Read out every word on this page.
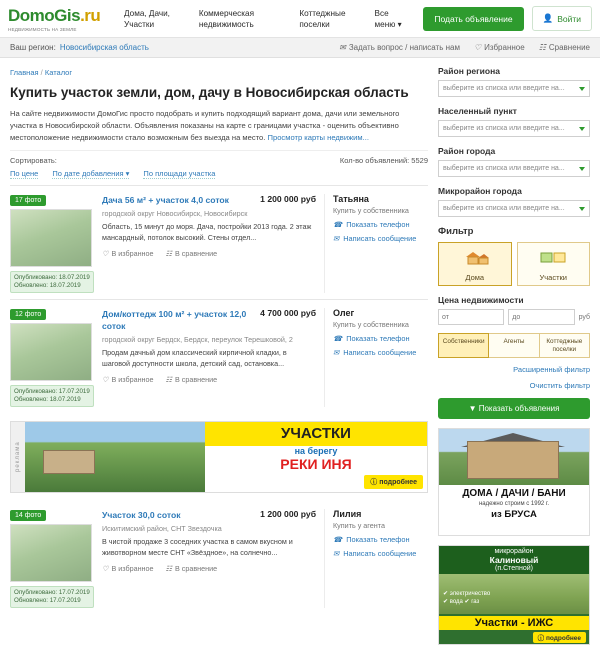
DomoGis.ru
НЕДВИЖИМОСТЬ НА ЗЕМЛЕ
Дома, Дачи, Участки
Коммерческая недвижимость
Коттеджные поселки
Все меню ▾
Подать объявление	👤 Войти
Ваш регион: Новосибирская область	✉ Задать вопрос / написать нам ♡ Избранное ☷ Сравнение
Главная / Каталог
Купить участок земли, дом, дачу в Новосибирская область
На сайте недвижимости ДомоГис просто подобрать и купить подходящий вариант дома, дачи или земельного участка в Новосибирской области. Объявления показаны на карте с границами участка - оценить объективно местоположение недвижимости стало возможным без выезда на место. Просмотр карты недвижим...
Сортировать:	Кол-во объявлений: 5529
По цене По дате добавления ▾ По площади участка
17 фото
Опубликовано: 18.07.2019
Обновлено: 18.07.2019
Дача 56 м² + участок 4,0 соток	1 200 000 руб
городской округ Новосибирск, Новосибирск
Область, 15 минут до моря. Дача, постройки 2013 года. 2 этаж мансардный, потолок высокий. Стены отдел...
♡ В избранное ☷ В сравнение
Татьяна
Купить у собственника
☎ Показать телефон
✉ Написать сообщение
12 фото
Опубликовано: 17.07.2019
Обновлено: 18.07.2019
Дом/коттедж 100 м² + участок 12,0 соток
4 700 000 руб
городской округ Бердск, Бердск, переулок Терешковой, 2
Продам дачный дом классический кирпичной кладки, в шаговой доступности школа, детский сад, остановка...
♡ В избранное ☷ В сравнение
Олег
Купить у собственника
☎ Показать телефон
✉ Написать сообщение
реклама
УЧАСТКИ
на берегу
РЕКИ ИНЯ
ⓘ подробнее
14 фото
Опубликовано: 17.07.2019
Обновлено: 17.07.2019
Участок 30,0 соток	1 200 000 руб
Искитимский район, СНТ Звездочка
В чистой продаже 3 соседних участка в самом вкусном и животворном месте СНТ «Звёздное», на солнечно...
♡ В избранное ☷ В сравнение
Лилия
Купить у агента
☎ Показать телефон
✉ Написать сообщение
Район региона
выберите из списка или введите на...
Населенный пункт
выберите из списка или введите на...
Район города
выберите из списка или введите на...
Микрорайон города
выберите из списка или введите на...
Фильтр
Дома	Участки
Цена недвижимости
от
до
руб
Собственники	Агенты	Коттеджные поселки
Расширенный фильтр
Очистить фильтр
▼ Показать объявления
ДОМА / ДАЧИ / БАНИ
надежно строим с 1992 г.
из БРУСА
микрорайон
Калиновый
(п.Степной)
✔ электричество
✔ вода ✔ газ
Участки - ИЖС
ⓘ подробнее
